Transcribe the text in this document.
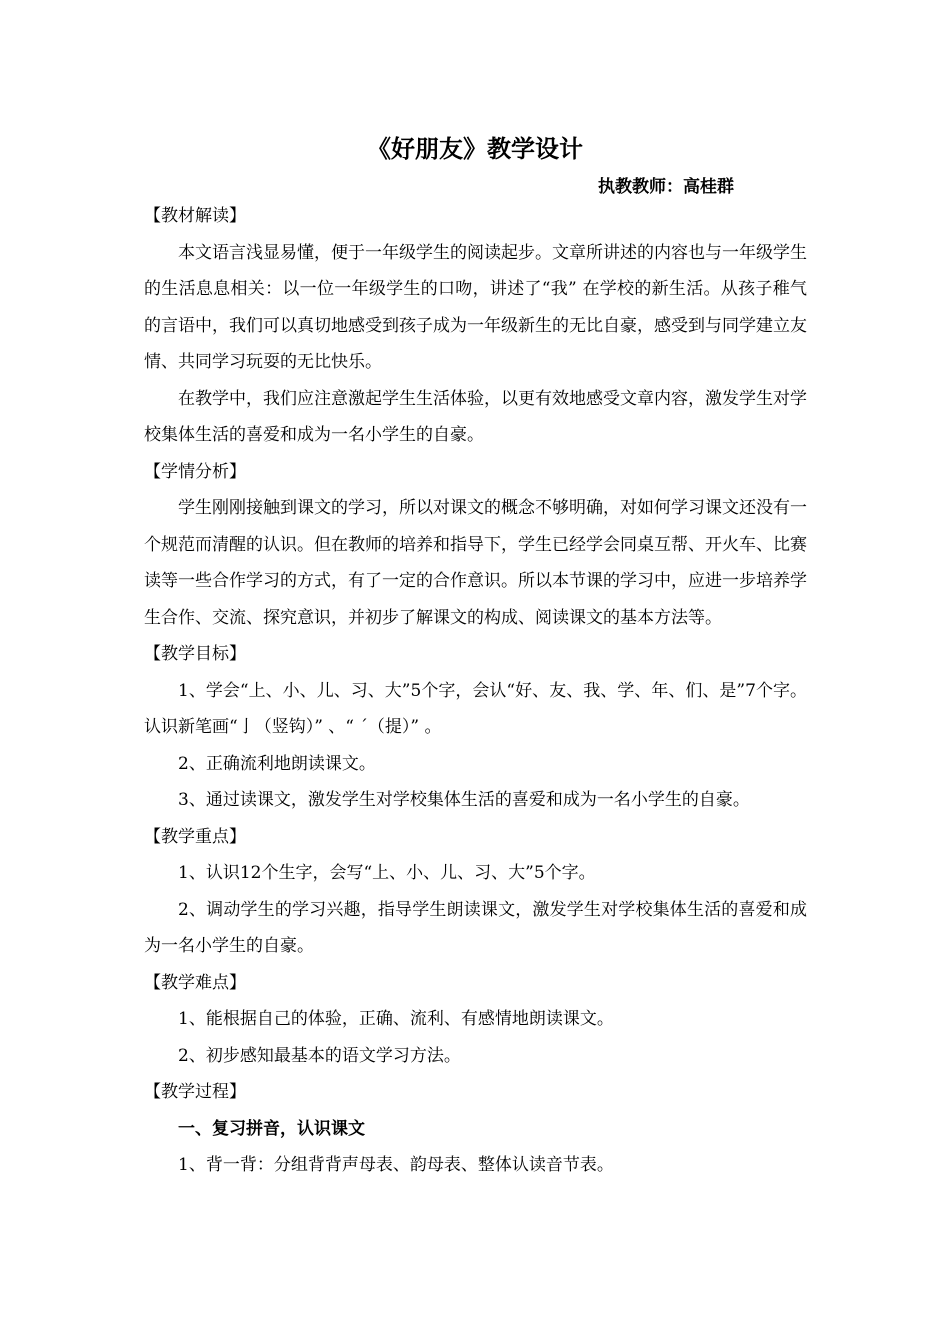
《好朋友》教学设计
执教教师：高桂群
【教材解读】
本文语言浅显易懂，便于一年级学生的阅读起步。文章所讲述的内容也与一年级学生的生活息息相关：以一位一年级学生的口吻，讲述了“我” 在学校的新生活。从孩子稚气的言语中，我们可以真切地感受到孩子成为一年级新生的无比自豪，感受到与同学建立友情、共同学习玩耍的无比快乐。
在教学中，我们应注意激起学生生活体验，以更有效地感受文章内容，激发学生对学校集体生活的喜爱和成为一名小学生的自豪。
【学情分析】
学生刚刚接触到课文的学习，所以对课文的概念不够明确，对如何学习课文还没有一个规范而清醒的认识。但在教师的培养和指导下，学生已经学会同桌互帮、开火车、比赛读等一些合作学习的方式，有了一定的合作意识。所以本节课的学习中，应进一步培养学生合作、交流、探究意识，并初步了解课文的构成、阅读课文的基本方法等。
【教学目标】
1、学会“上、小、儿、习、大”5个字，会认“好、友、我、学、年、们、是”7个字。认识新笔画“亅（竖钩）” 、“ ˊ（提）” 。
2、正确流利地朗读课文。
3、通过读课文，激发学生对学校集体生活的喜爱和成为一名小学生的自豪。
【教学重点】
1、认识12个生字，会写“上、小、儿、习、大”5个字。
2、调动学生的学习兴趣，指导学生朗读课文，激发学生对学校集体生活的喜爱和成为一名小学生的自豪。
【教学难点】
1、能根据自己的体验，正确、流利、有感情地朗读课文。
2、初步感知最基本的语文学习方法。
【教学过程】
一、复习拼音，认识课文
1、背一背：分组背背声母表、韵母表、整体认读音节表。
